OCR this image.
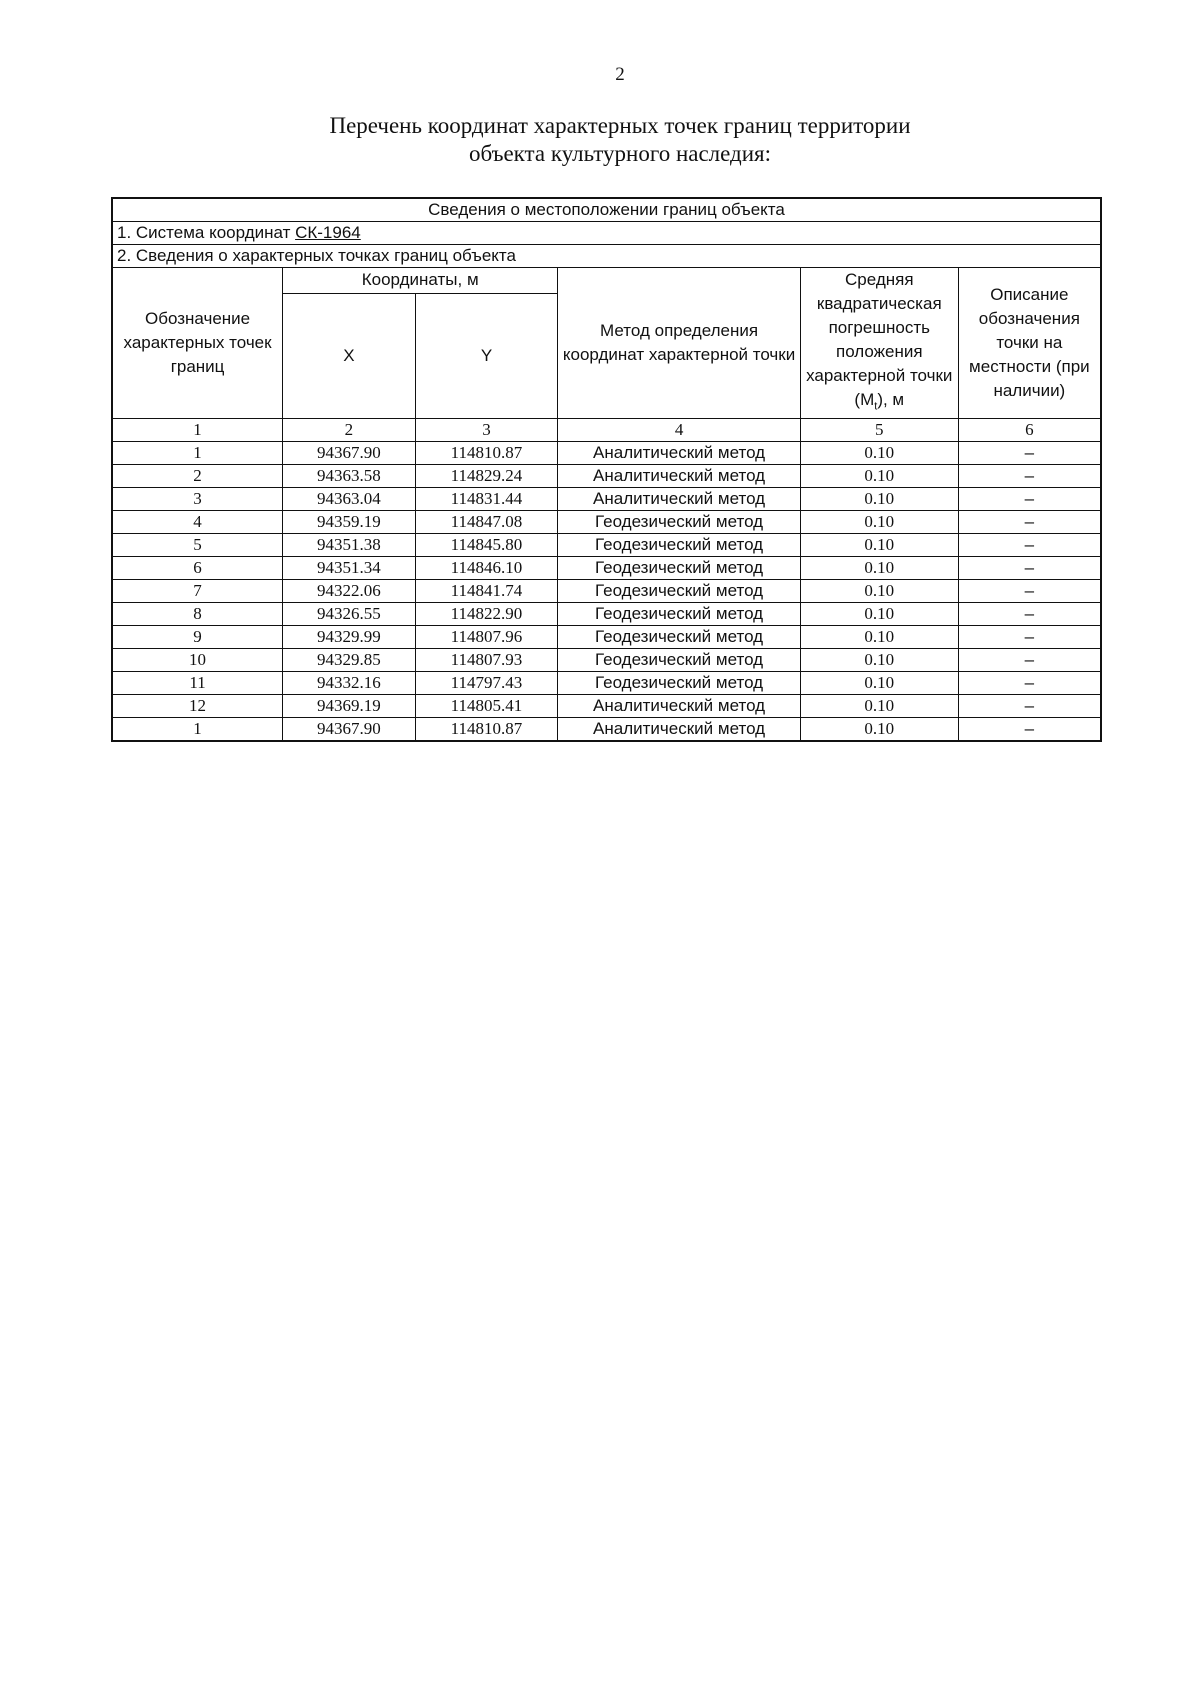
2
Перечень координат характерных точек границ территории
объекта культурного наследия:
Сведения о местоположении границ объекта					
1. Система координат СК-1964					
2. Сведения о характерных точках границ объекта					
Обозначение характерных точек границ	Координаты, м		Метод определения координат характерной точки	Средняя квадратическая погрешность положения характерной точки $(M_t)$, м	Описание обозначения точки на местности (при наличии)
	X	Y			
1	2	3	4	5	6
1	94367.90	114810.87	Аналитический метод	0.10	–
2	94363.58	114829.24	Аналитический метод	0.10	–
3	94363.04	114831.44	Аналитический метод	0.10	–
4	94359.19	114847.08	Геодезический метод	0.10	–
5	94351.38	114845.80	Геодезический метод	0.10	–
6	94351.34	114846.10	Геодезический метод	0.10	–
7	94322.06	114841.74	Геодезический метод	0.10	–
8	94326.55	114822.90	Геодезический метод	0.10	–
9	94329.99	114807.96	Геодезический метод	0.10	–
10	94329.85	114807.93	Геодезический метод	0.10	–
11	94332.16	114797.43	Геодезический метод	0.10	–
12	94369.19	114805.41	Аналитический метод	0.10	–
1	94367.90	114810.87	Аналитический метод	0.10	–
